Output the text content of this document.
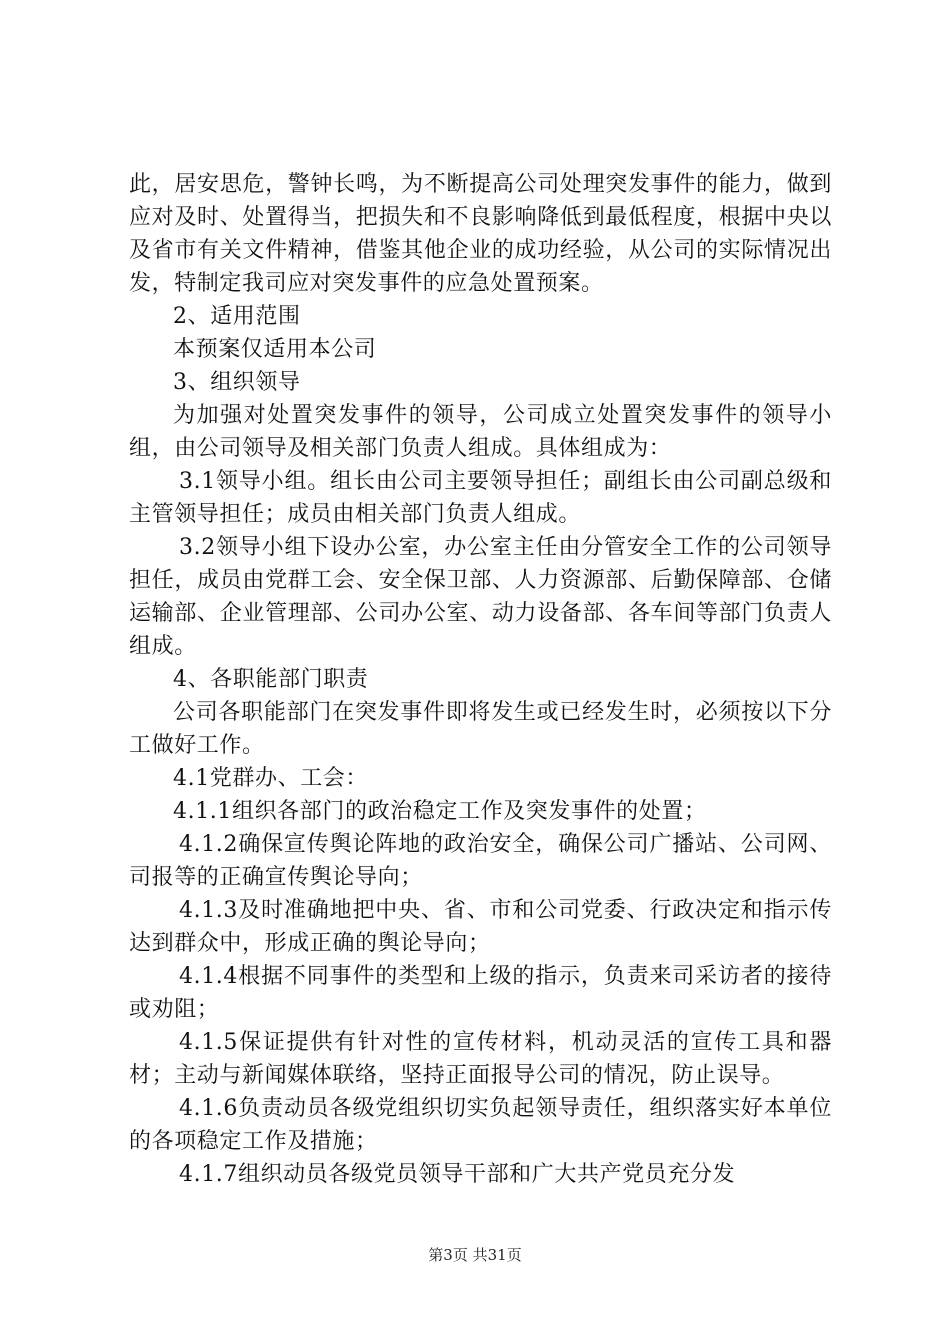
此，居安思危，警钟长鸣，为不断提高公司处理突发事件的能力，做到应对及时、处置得当，把损失和不良影响降低到最低程度，根据中央以及省市有关文件精神，借鉴其他企业的成功经验，从公司的实际情况出发，特制定我司应对突发事件的应急处置预案。

2、适用范围

本预案仅适用本公司

3、组织领导

为加强对处置突发事件的领导，公司成立处置突发事件的领导小组，由公司领导及相关部门负责人组成。具体组成为：

3.1领导小组。组长由公司主要领导担任；副组长由公司副总级和主管领导担任；成员由相关部门负责人组成。

3.2领导小组下设办公室，办公室主任由分管安全工作的公司领导担任，成员由党群工会、安全保卫部、人力资源部、后勤保障部、仓储运输部、企业管理部、公司办公室、动力设备部、各车间等部门负责人组成。

4、各职能部门职责

公司各职能部门在突发事件即将发生或已经发生时，必须按以下分工做好工作。

4.1党群办、工会：

4.1.1组织各部门的政治稳定工作及突发事件的处置；

4.1.2确保宣传舆论阵地的政治安全，确保公司广播站、公司网、司报等的正确宣传舆论导向；

4.1.3及时准确地把中央、省、市和公司党委、行政决定和指示传达到群众中，形成正确的舆论导向；

4.1.4根据不同事件的类型和上级的指示，负责来司采访者的接待或劝阻；

4.1.5保证提供有针对性的宣传材料，机动灵活的宣传工具和器材；主动与新闻媒体联络，坚持正面报导公司的情况，防止误导。

4.1.6负责动员各级党组织切实负起领导责任，组织落实好本单位的各项稳定工作及措施；

4.1.7组织动员各级党员领导干部和广大共产党员充分发

第3页 共31页
